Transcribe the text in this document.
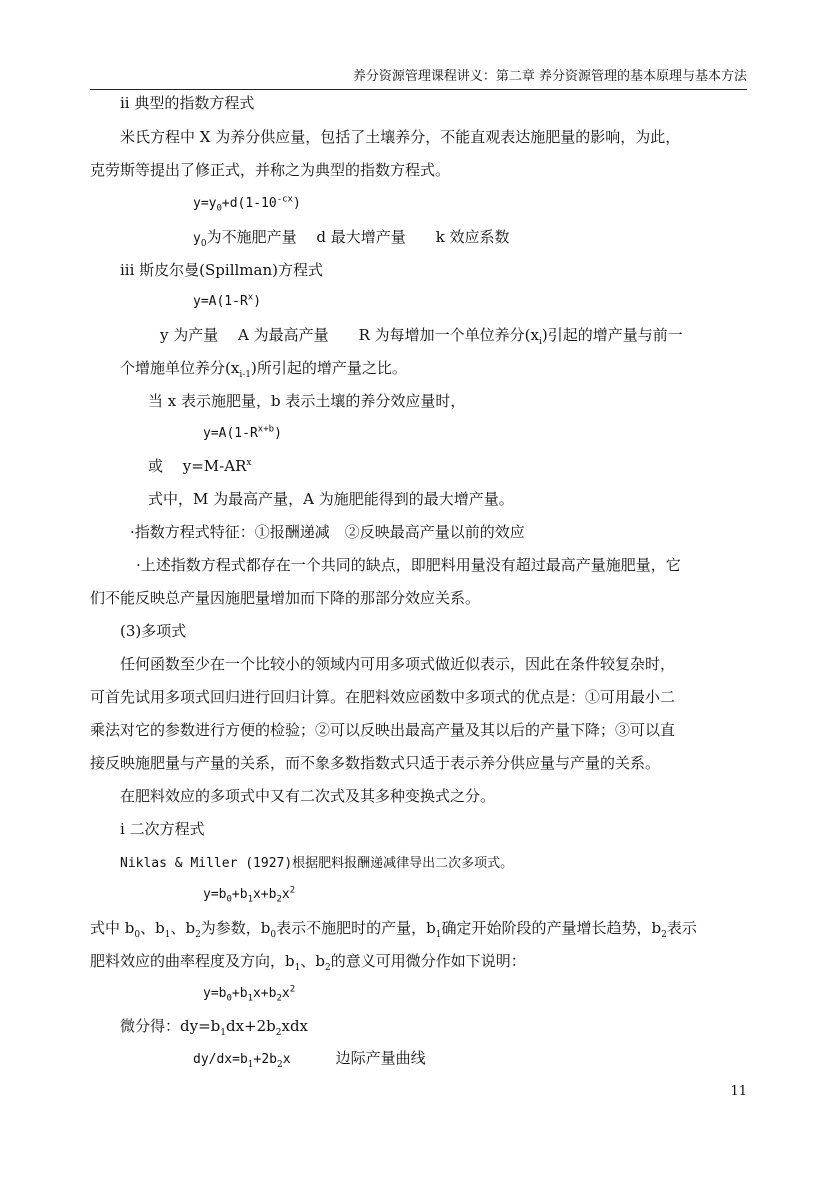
养分资源管理课程讲义：第二章 养分资源管理的基本原理与基本方法
ii 典型的指数方程式
米氏方程中 X 为养分供应量，包括了土壤养分，不能直观表达施肥量的影响，为此，
克劳斯等提出了修正式，并称之为典型的指数方程式。
$y=y_0+d(1-10^{-cx})$
$y_0$为不施肥产量　 d 最大增产量　　k 效应系数
iii 斯皮尔曼(Spillman)方程式
$y=A(1-R^x)$
y 为产量　 A 为最高产量　　R 为每增加一个单位养分$(x_i)$引起的增产量与前一
个增施单位养分$(x_{i-1})$所引起的增产量之比。
当 x 表示施肥量，b 表示土壤的养分效应量时，
$y=A(1-R^{x+b})$
或　 $y=M-AR^x$
式中，M 为最高产量，A 为施肥能得到的最大增产量。
·指数方程式特征：①报酬递减　②反映最高产量以前的效应
·上述指数方程式都存在一个共同的缺点，即肥料用量没有超过最高产量施肥量，它
们不能反映总产量因施肥量增加而下降的那部分效应关系。
(3)多项式
任何函数至少在一个比较小的领域内可用多项式做近似表示，因此在条件较复杂时，
可首先试用多项式回归进行回归计算。在肥料效应函数中多项式的优点是：①可用最小二
乘法对它的参数进行方便的检验；②可以反映出最高产量及其以后的产量下降；③可以直
接反映施肥量与产量的关系，而不象多数指数式只适于表示养分供应量与产量的关系。
在肥料效应的多项式中又有二次式及其多种变换式之分。
i 二次方程式
Niklas & Miller (1927)根据肥料报酬递减律导出二次多项式。
$y=b_0+b_1x+b_2x^2$
式中 $b_0$、$b_1$、$b_2$为参数，$b_0$表示不施肥时的产量，$b_1$确定开始阶段的产量增长趋势，$b_2$表示
肥料效应的曲率程度及方向，$b_1$、$b_2$的意义可用微分作如下说明：
$y=b_0+b_1x+b_2x^2$
微分得：$dy=b_1dx+2b_2xdx$
$dy/dx=b_1+2b_2x$　　　边际产量曲线
11
